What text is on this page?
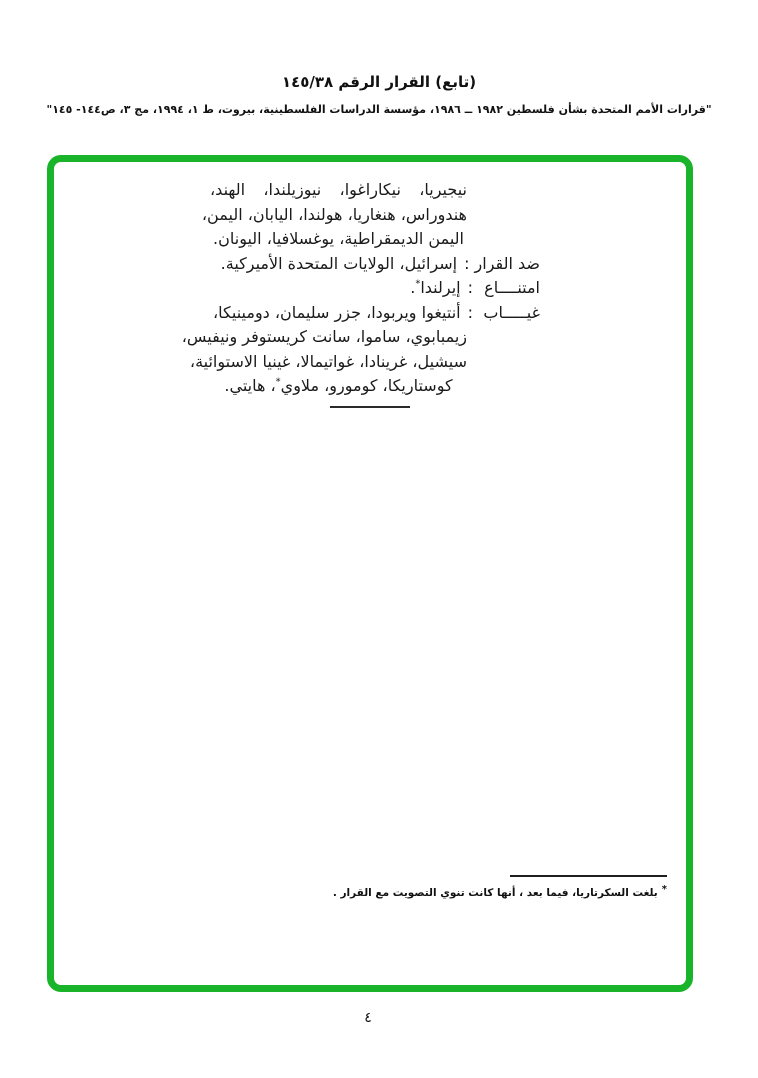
(تابع) القرار الرقم ١٤٥/٣٨
"قرارات الأمم المتحدة بشأن فلسطين ١٩٨٢ ــ ١٩٨٦، مؤسسة الدراسات الفلسطينية، بيروت، ط ١، ١٩٩٤، مج ٣، ص١٤٤- ١٤٥"
نيجيريا، نيكاراغوا، نيوزيلندا، الهند،
هندوراس، هنغاريا، هولندا، اليابان، اليمن،
اليمن الديمقراطية، يوغسلافيا، اليونان.
ضد القرار:إسرائيل، الولايات المتحدة الأميركية.
امتنــــاع:إيرلندا*.
غيـــــاب:أنتيغوا ويربودا، جزر سليمان، دومينيكا،
زيمبابوي، ساموا، سانت كريستوفر ونيفيس،
سيشيل، غرينادا، غواتيمالا، غينيا الاستوائية،
كوستاريكا، كومورو، ملاوي*، هايتي.
*بلغت السكرتاريا، فيما بعد ، أنها كانت تنوي التصويت مع القرار .
٤
